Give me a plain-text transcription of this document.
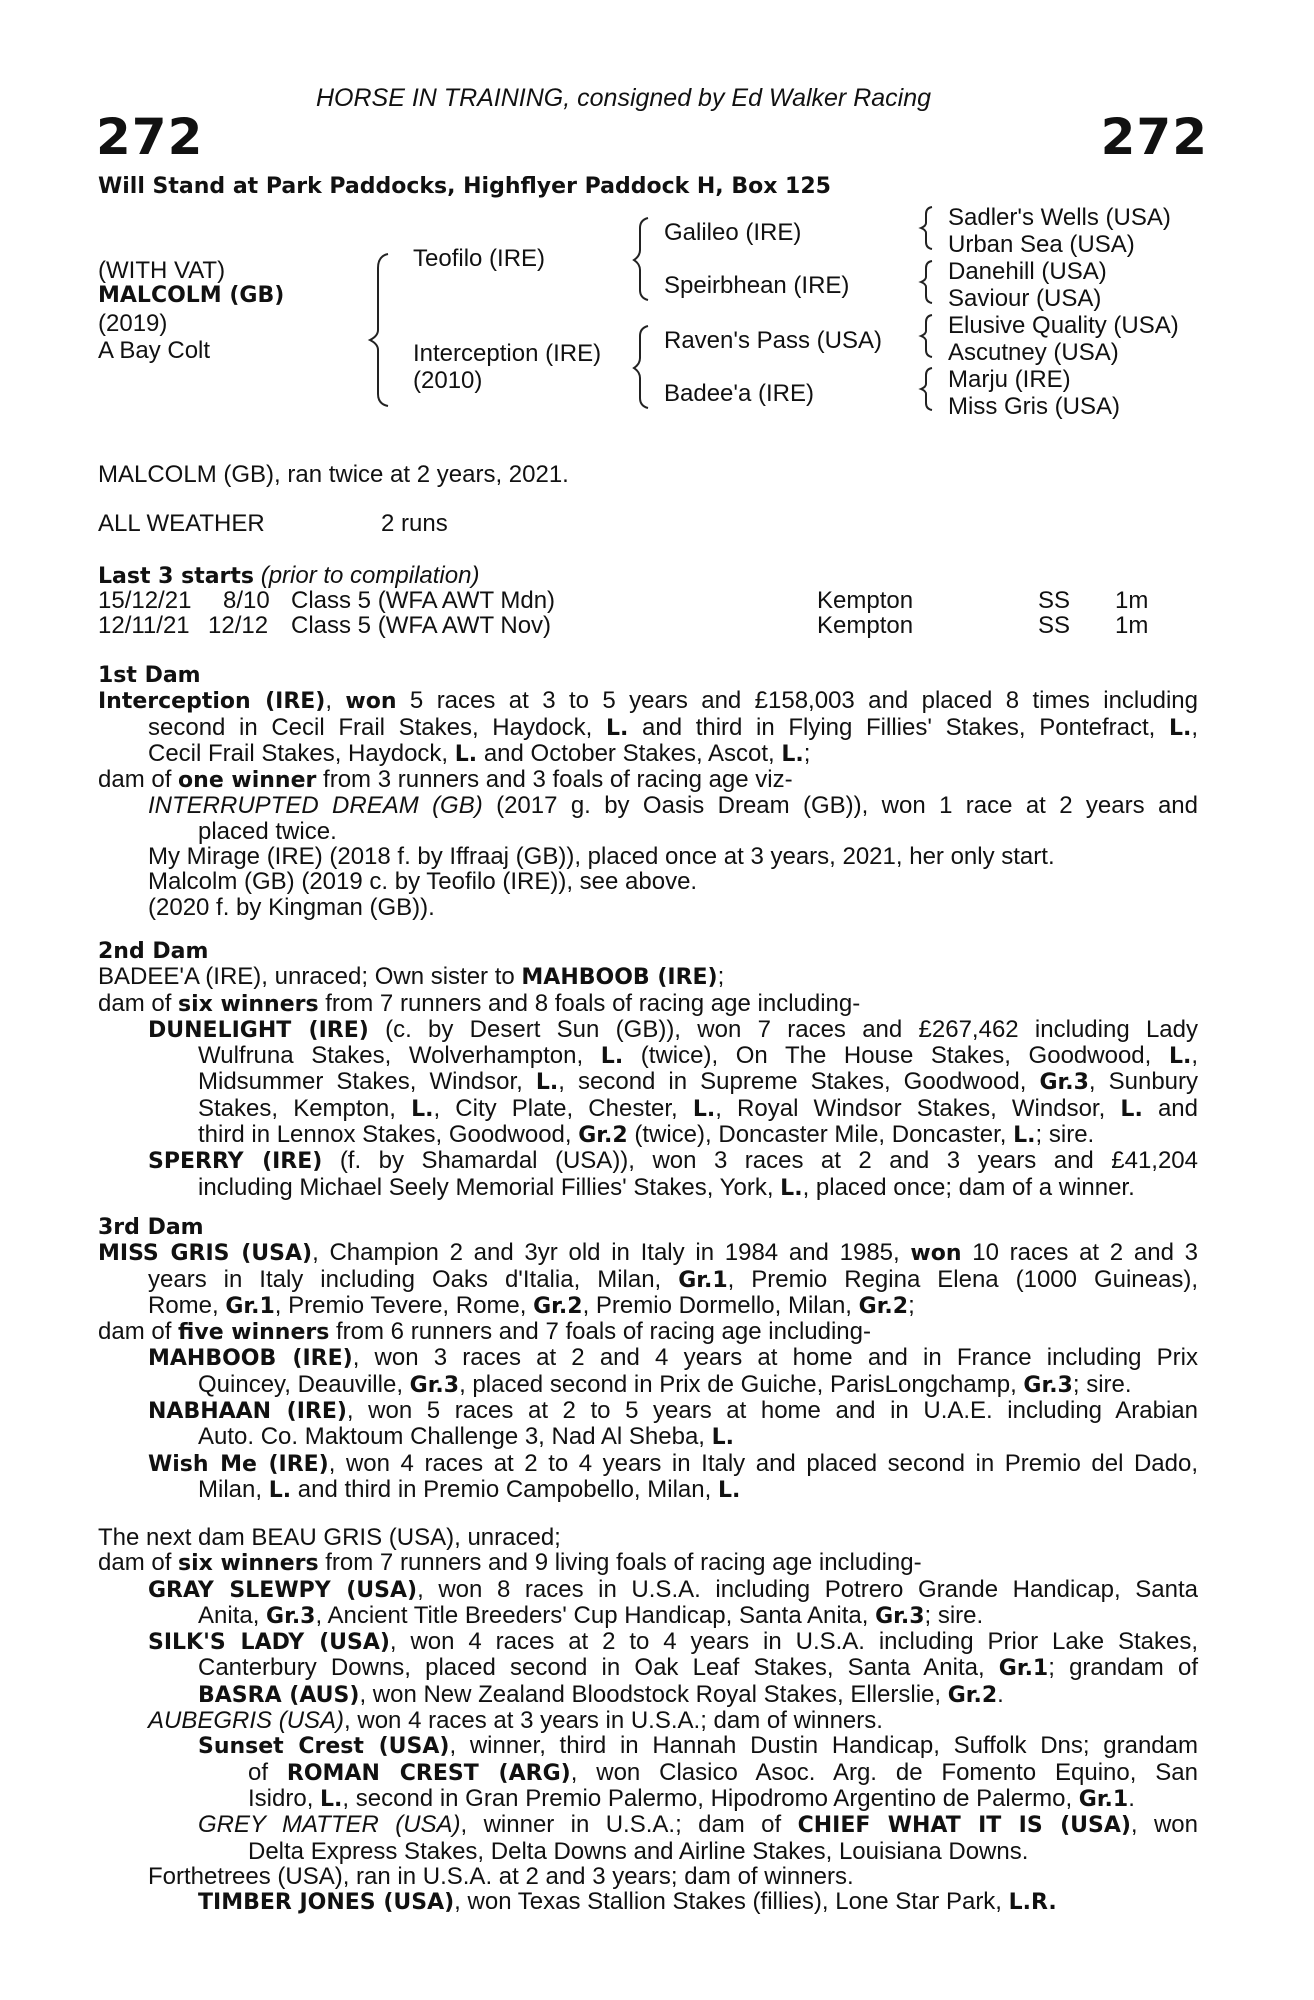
HORSE IN TRAINING, consigned by Ed Walker Racing
272	272
Will Stand at Park Paddocks, Highflyer Paddock H, Box 125
(WITH VAT)
MALCOLM (GB)
(2019)
A Bay Colt
Teofilo (IRE)
Interception (IRE)
(2010)
Galileo (IRE)
Speirbhean (IRE)
Raven's Pass (USA)
Badee'a (IRE)
Sadler's Wells (USA)
Urban Sea (USA)
Danehill (USA)
Saviour (USA)
Elusive Quality (USA)
Ascutney (USA)
Marju (IRE)
Miss Gris (USA)
MALCOLM (GB), ran twice at 2 years, 2021.
ALL WEATHER	2 runs
Last 3 starts (prior to compilation)
15/12/21 8/10 Class 5 (WFA AWT Mdn)	Kempton	SS 1m
12/11/21 12/12 Class 5 (WFA AWT Nov)	Kempton	SS 1m
1st Dam
Interception (IRE), won 5 races at 3 to 5 years and £158,003 and placed 8 times including
second in Cecil Frail Stakes, Haydock, L. and third in Flying Fillies' Stakes, Pontefract, L.,
Cecil Frail Stakes, Haydock, L. and October Stakes, Ascot, L.;
dam of one winner from 3 runners and 3 foals of racing age viz-
INTERRUPTED DREAM (GB) (2017 g. by Oasis Dream (GB)), won 1 race at 2 years and
placed twice.
My Mirage (IRE) (2018 f. by Iffraaj (GB)), placed once at 3 years, 2021, her only start.
Malcolm (GB) (2019 c. by Teofilo (IRE)), see above.
(2020 f. by Kingman (GB)).
2nd Dam
BADEE'A (IRE), unraced; Own sister to MAHBOOB (IRE);
dam of six winners from 7 runners and 8 foals of racing age including-
DUNELIGHT (IRE) (c. by Desert Sun (GB)), won 7 races and £267,462 including Lady
Wulfruna Stakes, Wolverhampton, L. (twice), On The House Stakes, Goodwood, L.,
Midsummer Stakes, Windsor, L., second in Supreme Stakes, Goodwood, Gr.3, Sunbury
Stakes, Kempton, L., City Plate, Chester, L., Royal Windsor Stakes, Windsor, L. and
third in Lennox Stakes, Goodwood, Gr.2 (twice), Doncaster Mile, Doncaster, L.; sire.
SPERRY (IRE) (f. by Shamardal (USA)), won 3 races at 2 and 3 years and £41,204
including Michael Seely Memorial Fillies' Stakes, York, L., placed once; dam of a winner.
3rd Dam
MISS GRIS (USA), Champion 2 and 3yr old in Italy in 1984 and 1985, won 10 races at 2 and 3
years in Italy including Oaks d'Italia, Milan, Gr.1, Premio Regina Elena (1000 Guineas),
Rome, Gr.1, Premio Tevere, Rome, Gr.2, Premio Dormello, Milan, Gr.2;
dam of five winners from 6 runners and 7 foals of racing age including-
MAHBOOB (IRE), won 3 races at 2 and 4 years at home and in France including Prix
Quincey, Deauville, Gr.3, placed second in Prix de Guiche, ParisLongchamp, Gr.3; sire.
NABHAAN (IRE), won 5 races at 2 to 5 years at home and in U.A.E. including Arabian
Auto. Co. Maktoum Challenge 3, Nad Al Sheba, L.
Wish Me (IRE), won 4 races at 2 to 4 years in Italy and placed second in Premio del Dado,
Milan, L. and third in Premio Campobello, Milan, L.
The next dam BEAU GRIS (USA), unraced;
dam of six winners from 7 runners and 9 living foals of racing age including-
GRAY SLEWPY (USA), won 8 races in U.S.A. including Potrero Grande Handicap, Santa
Anita, Gr.3, Ancient Title Breeders' Cup Handicap, Santa Anita, Gr.3; sire.
SILK'S LADY (USA), won 4 races at 2 to 4 years in U.S.A. including Prior Lake Stakes,
Canterbury Downs, placed second in Oak Leaf Stakes, Santa Anita, Gr.1; grandam of
BASRA (AUS), won New Zealand Bloodstock Royal Stakes, Ellerslie, Gr.2.
AUBEGRIS (USA), won 4 races at 3 years in U.S.A.; dam of winners.
Sunset Crest (USA), winner, third in Hannah Dustin Handicap, Suffolk Dns; grandam
of ROMAN CREST (ARG), won Clasico Asoc. Arg. de Fomento Equino, San
Isidro, L., second in Gran Premio Palermo, Hipodromo Argentino de Palermo, Gr.1.
GREY MATTER (USA), winner in U.S.A.; dam of CHIEF WHAT IT IS (USA), won
Delta Express Stakes, Delta Downs and Airline Stakes, Louisiana Downs.
Forthetrees (USA), ran in U.S.A. at 2 and 3 years; dam of winners.
TIMBER JONES (USA), won Texas Stallion Stakes (fillies), Lone Star Park, L.R.
